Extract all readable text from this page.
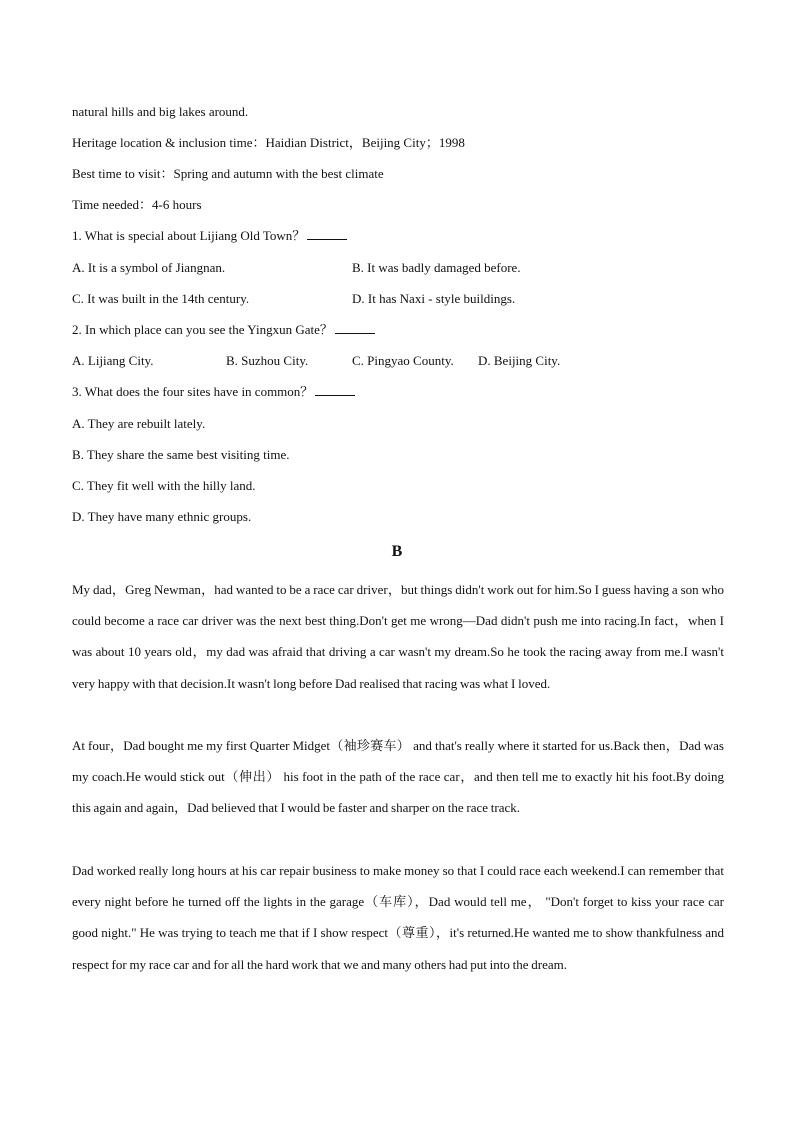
natural hills and big lakes around.
Heritage location & inclusion time：Haidian District，Beijing City；1998
Best time to visit：Spring and autumn with the best climate
Time needed：4-6 hours
1. What is special about Lijiang Old Town？
A. It is a symbol of Jiangnan.	B. It was badly damaged before.
C. It was built in the 14th century.	D. It has Naxi - style buildings.
2. In which place can you see the Yingxun Gate？
A. Lijiang City.	B. Suzhou City.	C. Pingyao County. D. Beijing City.
3. What does the four sites have in common？
A. They are rebuilt lately.
B. They share the same best visiting time.
C. They fit well with the hilly land.
D. They have many ethnic groups.
B
My dad，Greg Newman，had wanted to be a race car driver，but things didn't work out for him.So I guess having a son who could become a race car driver was the next best thing.Don't get me wrong—Dad didn't push me into racing.In fact，when I was about 10 years old，my dad was afraid that driving a car wasn't my dream.So he took the racing away from me.I wasn't very happy with that decision.It wasn't long before Dad realised that racing was what I loved.
At four，Dad bought me my first Quarter Midget（袖珍赛车） and that's really where it started for us.Back then，Dad was my coach.He would stick out（伸出） his foot in the path of the race car，and then tell me to exactly hit his foot.By doing this again and again，Dad believed that I would be faster and sharper on the race track.
Dad worked really long hours at his car repair business to make money so that I could race each weekend.I can remember that every night before he turned off the lights in the garage（车库），Dad would tell me， "Don't forget to kiss your race car good night." He was trying to teach me that if I show respect（尊重），it's returned.He wanted me to show thankfulness and respect for my race car and for all the hard work that we and many others had put into the dream.
